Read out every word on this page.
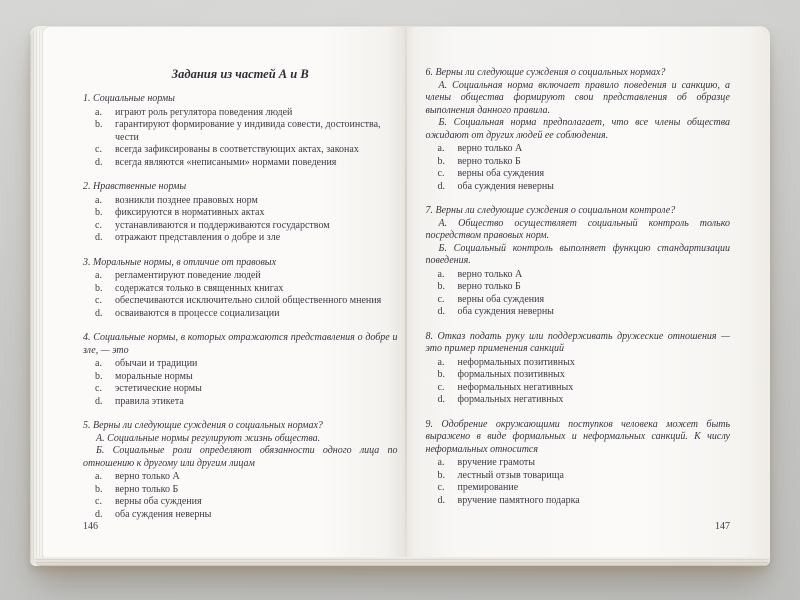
Задания из частей А и В
1. Социальные нормы
a.	играют роль регулятора поведения людей
b.	гарантируют формирование у индивида совести, достоинства, чести
c.	всегда зафиксированы в соответствующих актах, законах
d.	всегда являются «неписаными» нормами поведения
2. Нравственные нормы
a.	возникли позднее правовых норм
b.	фиксируются в нормативных актах
c.	устанавливаются и поддерживаются государством
d.	отражают представления о добре и зле
3. Моральные нормы, в отличие от правовых
a.	регламентируют поведение людей
b.	содержатся только в священных книгах
c.	обеспечиваются исключительно силой общественного мнения
d.	осваиваются в процессе социализации
4. Социальные нормы, в которых отражаются представления о добре и зле, — это
a.	обычаи и традиции
b.	моральные нормы
c.	эстетические нормы
d.	правила этикета
5. Верны ли следующие суждения о социальных нормах?
А. Социальные нормы регулируют жизнь общества.
Б. Социальные роли определяют обязанности одного лица по отношению к другому или другим лицам
a.	верно только А
b.	верно только Б
c.	верны оба суждения
d.	оба суждения неверны
146
6. Верны ли следующие суждения о социальных нормах?
А. Социальная норма включает правило поведения и санкцию, а члены общества формируют свои представления об образце выполнения данного правила.
Б. Социальная норма предполагает, что все члены общества ожидают от других людей ее соблюдения.
a.	верно только А
b.	верно только Б
c.	верны оба суждения
d.	оба суждения неверны
7. Верны ли следующие суждения о социальном контроле?
А. Общество осуществляет социальный контроль только посредством правовых норм.
Б. Социальный контроль выполняет функцию стандартизации поведения.
a.	верно только А
b.	верно только Б
c.	верны оба суждения
d.	оба суждения неверны
8. Отказ подать руку или поддерживать дружеские отношения — это пример применения санкций
a.	неформальных позитивных
b.	формальных позитивных
c.	неформальных негативных
d.	формальных негативных
9. Одобрение окружающими поступков человека может быть выражено в виде формальных и неформальных санкций. К числу неформальных относится
a.	вручение грамоты
b.	лестный отзыв товарища
c.	премирование
d.	вручение памятного подарка
147
